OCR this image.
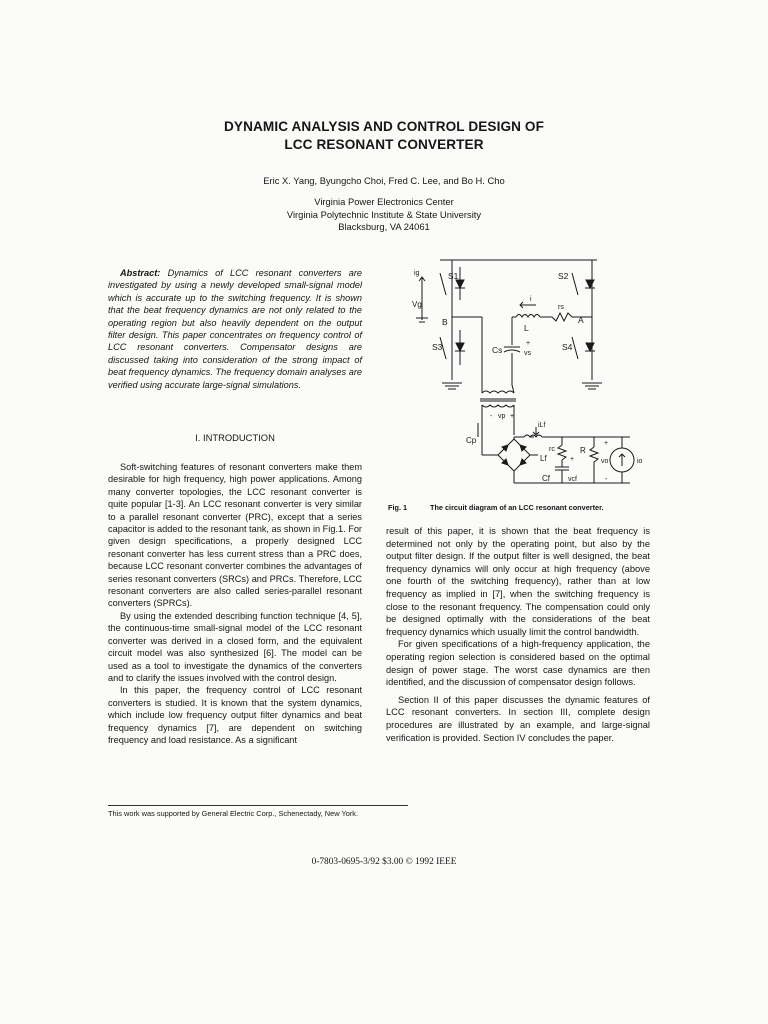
DYNAMIC ANALYSIS AND CONTROL DESIGN OF
LCC RESONANT CONVERTER
Eric X. Yang, Byungcho Choi, Fred C. Lee, and Bo H. Cho
Virginia Power Electronics Center
Virginia Polytechnic Institute & State University
Blacksburg, VA 24061
Abstract: Dynamics of LCC resonant converters are investigated by using a newly developed small-signal model which is accurate up to the switching frequency. It is shown that the beat frequency dynamics are not only related to the operating region but also heavily dependent on the output filter design. This paper concentrates on frequency control of LCC resonant converters. Compensator designs are discussed taking into consideration of the strong impact of beat frequency dynamics. The frequency domain analyses are verified using accurate large-signal simulations.
I. INTRODUCTION

Soft-switching features of resonant converters make them desirable for high frequency, high power applications. Among many converter topologies, the LCC resonant converter is quite popular [1-3]. An LCC resonant converter is very similar to a parallel resonant converter (PRC), except that a series capacitor is added to the resonant tank, as shown in Fig.1. For given design specifications, a properly designed LCC resonant converter has less current stress than a PRC does, because LCC resonant converter combines the advantages of series resonant converters (SRCs) and PRCs. Therefore, LCC resonant converters are also called series-parallel resonant converters (SPRCs).

By using the extended describing function technique [4, 5], the continuous-time small-signal model of the LCC resonant converter was derived in a closed form, and the equivalent circuit model was also synthesized [6]. The model can be used as a tool to investigate the dynamics of the converters and to clarify the issues involved with the control design.

In this paper, the frequency control of LCC resonant converters is studied. It is known that the system dynamics, which include low frequency output filter dynamics and beat frequency dynamics [7], are dependent on switching frequency and load resistance. As a significant

S1	S2
S3	S4
ig
Vg
B	A
i
rs
L
Cs
+
vs
- vp +
Cp
iLf
Lf
rc	R
+
Cf	vcf
+
vo
-
io
Fig. 1	The circuit diagram of an LCC resonant converter.

result of this paper, it is shown that the beat frequency is determined not only by the operating point, but also by the output filter design. If the output filter is well designed, the beat frequency dynamics will only occur at high frequency (above one fourth of the switching frequency), rather than at low frequency as implied in [7], when the switching frequency is close to the resonant frequency. The compensation could only be designed optimally with the considerations of the beat frequency dynamics which usually limit the control bandwidth.

For given specifications of a high-frequency application, the operating region selection is considered based on the optimal design of power stage. The worst case dynamics are then identified, and the discussion of compensator design follows.

Section II of this paper discusses the dynamic features of LCC resonant converters. In section III, complete design procedures are illustrated by an example, and large-signal verification is provided. Section IV concludes the paper.

This work was supported by General Electric Corp., Schenectady, New York.
0-7803-0695-3/92 $3.00 © 1992 IEEE
